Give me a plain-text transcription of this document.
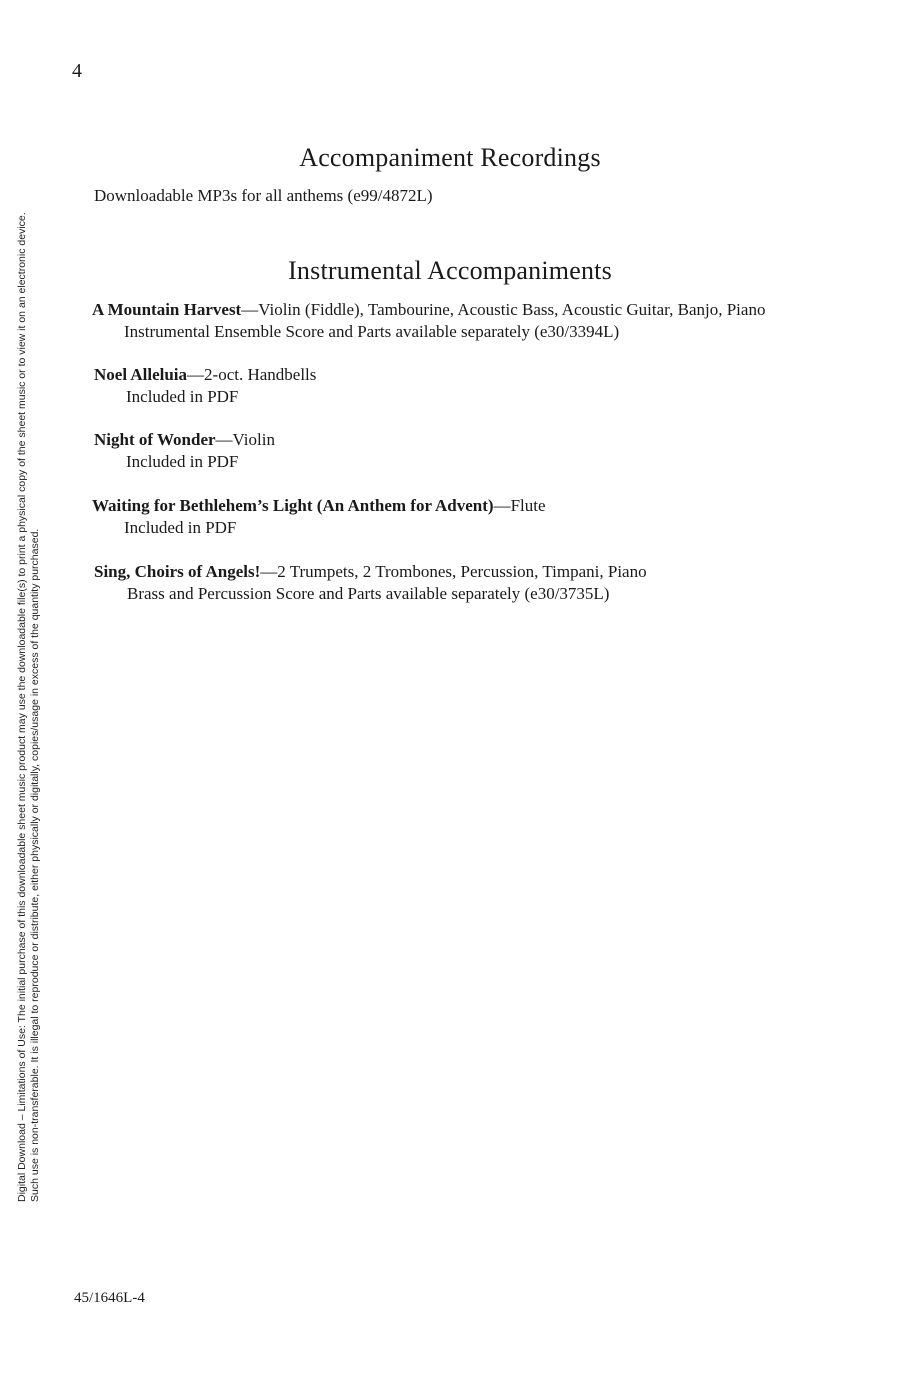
4
Accompaniment Recordings
Downloadable MP3s for all anthems (e99/4872L)
Instrumental Accompaniments
A Mountain Harvest—Violin (Fiddle), Tambourine, Acoustic Bass, Acoustic Guitar, Banjo, Piano
Instrumental Ensemble Score and Parts available separately (e30/3394L)
Noel Alleluia—2-oct. Handbells
Included in PDF
Night of Wonder—Violin
Included in PDF
Waiting for Bethlehem’s Light (An Anthem for Advent)—Flute
Included in PDF
Sing, Choirs of Angels!—2 Trumpets, 2 Trombones, Percussion, Timpani, Piano
Brass and Percussion Score and Parts available separately (e30/3735L)
Digital Download – Limitations of Use: The initial purchase of this downloadable sheet music product may use the downloadable file(s) to print a physical copy of the sheet music or to view it on an electronic device. Such use is non-transferable. It is illegal to reproduce or distribute, either physically or digitally, copies/usage in excess of the quantity purchased.
45/1646L-4
